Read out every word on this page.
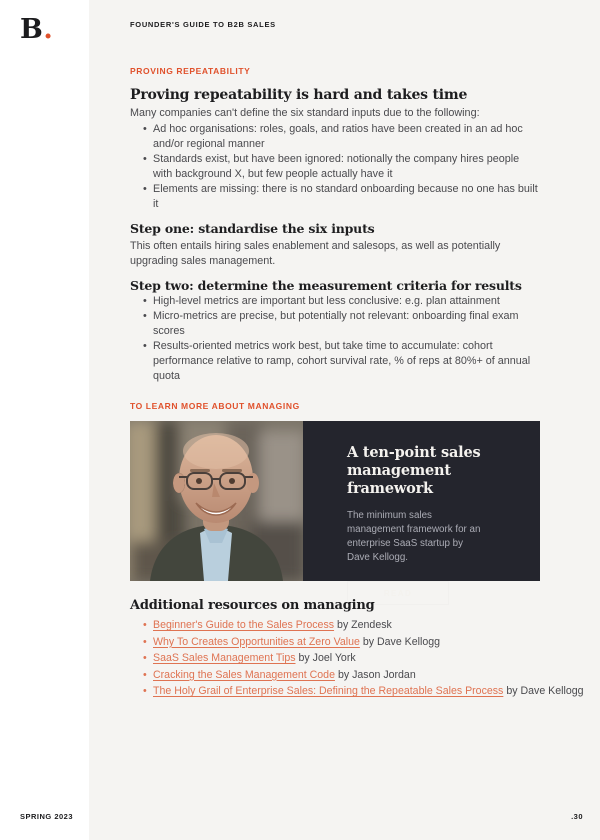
B.	FOUNDER'S GUIDE TO B2B SALES
PROVING REPEATABILITY
Proving repeatability is hard and takes time

Many companies can't define the six standard inputs due to the following:

• Ad hoc organisations: roles, goals, and ratios have been created in an ad hoc and/or regional manner
• Standards exist, but have been ignored: notionally the company hires people with background X, but few people actually have it
• Elements are missing: there is no standard onboarding because no one has built it
Step one: standardise the six inputs

This often entails hiring sales enablement and salesops, as well as potentially upgrading sales management.

Step two: determine the measurement criteria for results
• High-level metrics are important but less conclusive: e.g. plan attainment
• Micro-metrics are precise, but potentially not relevant: onboarding final exam scores
• Results-oriented metrics work best, but take time to accumulate: cohort performance relative to ramp, cohort survival rate, % of reps at 80%+ of annual quota
TO LEARN MORE ABOUT MANAGING
A ten-point sales management framework
The minimum sales management framework for an enterprise SaaS startup by Dave Kellogg.
READ
Additional resources on managing
• Beginner's Guide to the Sales Process by Zendesk
• Why To Creates Opportunities at Zero Value by Dave Kellogg
• SaaS Sales Management Tips by Joel York
• Cracking the Sales Management Code by Jason Jordan
• The Holy Grail of Enterprise Sales: Defining the Repeatable Sales Process by Dave Kellogg
SPRING 2023	.30
